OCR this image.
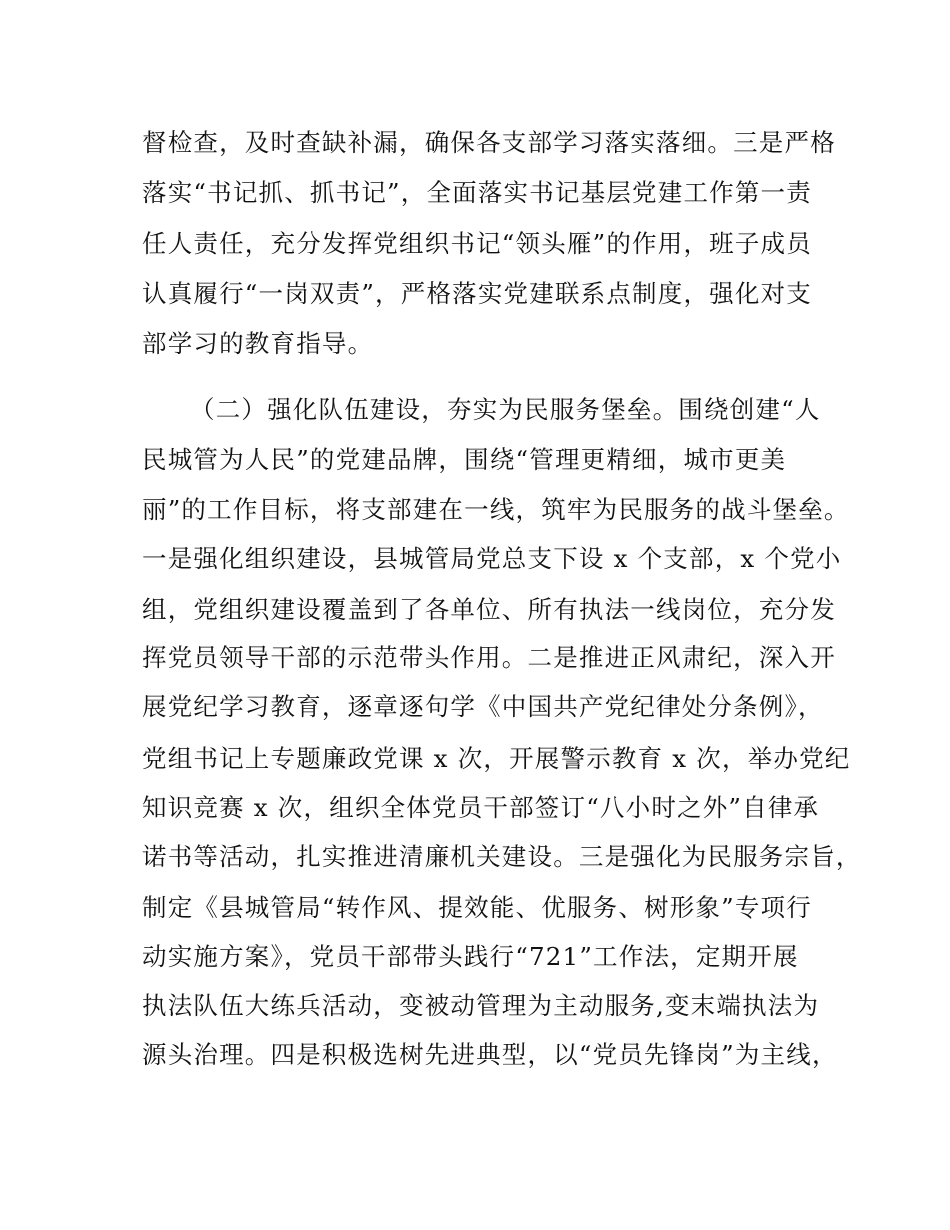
督检查，及时查缺补漏，确保各支部学习落实落细。三是严格
落实“书记抓、抓书记”，全面落实书记基层党建工作第一责
任人责任，充分发挥党组织书记“领头雁”的作用，班子成员
认真履行“一岗双责”，严格落实党建联系点制度，强化对支
部学习的教育指导。
（二）强化队伍建设，夯实为民服务堡垒。围绕创建“人
民城管为人民”的党建品牌，围绕“管理更精细，城市更美
丽”的工作目标，将支部建在一线，筑牢为民服务的战斗堡垒。
一是强化组织建设，县城管局党总支下设 x 个支部，x 个党小
组，党组织建设覆盖到了各单位、所有执法一线岗位，充分发
挥党员领导干部的示范带头作用。二是推进正风肃纪，深入开
展党纪学习教育，逐章逐句学《中国共产党纪律处分条例》，
党组书记上专题廉政党课 x 次，开展警示教育 x 次，举办党纪
知识竞赛 x 次，组织全体党员干部签订“八小时之外”自律承
诺书等活动，扎实推进清廉机关建设。三是强化为民服务宗旨，
制定《县城管局“转作风、提效能、优服务、树形象”专项行
动实施方案》，党员干部带头践行“721”工作法，定期开展
执法队伍大练兵活动，变被动管理为主动服务,变末端执法为
源头治理。四是积极选树先进典型，以“党员先锋岗”为主线，
